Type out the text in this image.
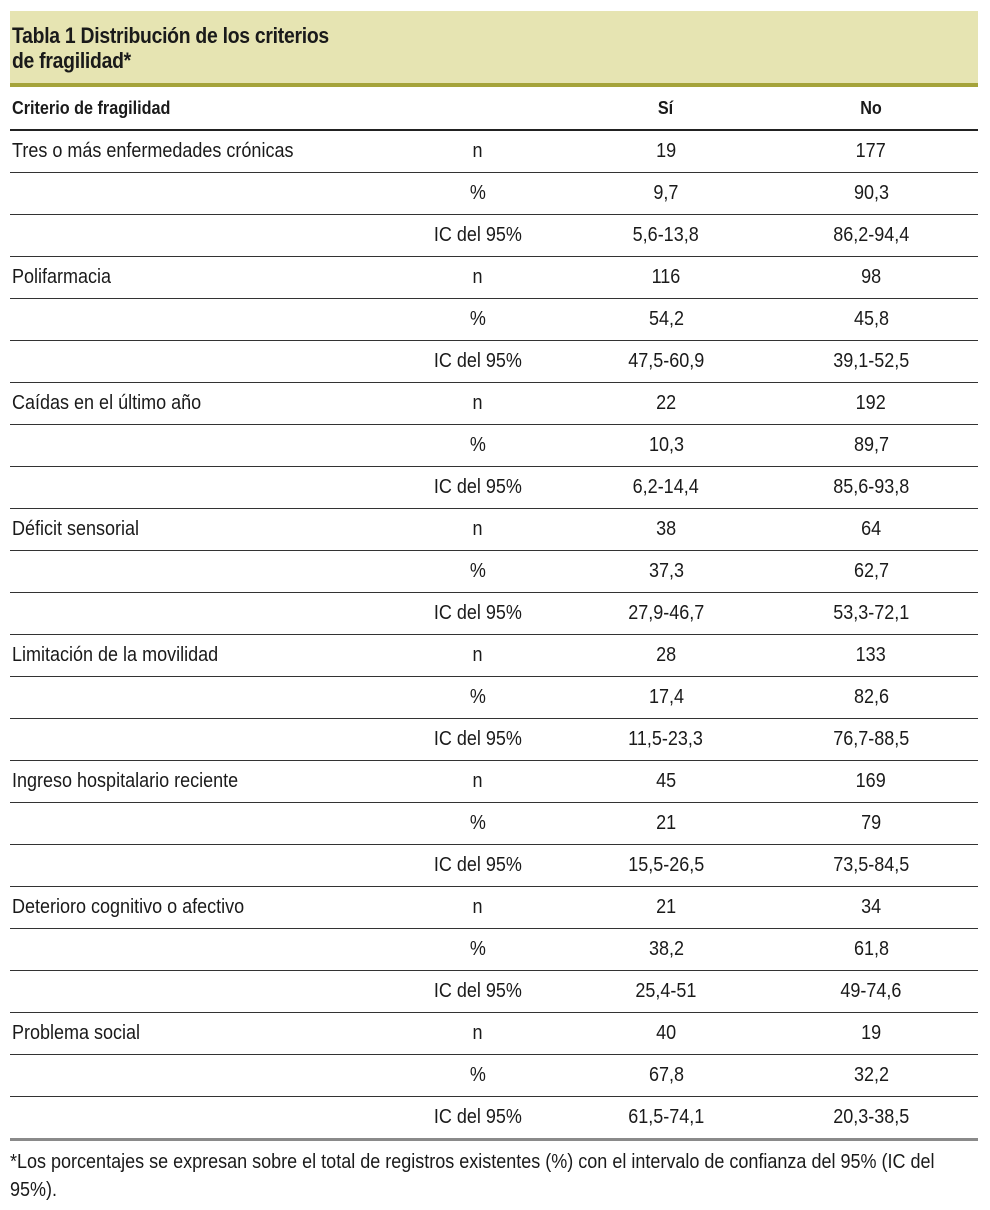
Tabla 1 Distribución de los criterios
de fragilidad*
Criterio de fragilidad		Sí	No
Tres o más enfermedades crónicas	n	19	177
	%	9,7	90,3
	IC del 95%	5,6-13,8	86,2-94,4
Polifarmacia	n	116	98
	%	54,2	45,8
	IC del 95%	47,5-60,9	39,1-52,5
Caídas en el último año	n	22	192
	%	10,3	89,7
	IC del 95%	6,2-14,4	85,6-93,8
Déficit sensorial	n	38	64
	%	37,3	62,7
	IC del 95%	27,9-46,7	53,3-72,1
Limitación de la movilidad	n	28	133
	%	17,4	82,6
	IC del 95%	11,5-23,3	76,7-88,5
Ingreso hospitalario reciente	n	45	169
	%	21	79
	IC del 95%	15,5-26,5	73,5-84,5
Deterioro cognitivo o afectivo	n	21	34
	%	38,2	61,8
	IC del 95%	25,4-51	49-74,6
Problema social	n	40	19
	%	67,8	32,2
	IC del 95%	61,5-74,1	20,3-38,5
*Los porcentajes se expresan sobre el total de registros existentes (%) con el intervalo de confianza del 95% (IC del 95%).
